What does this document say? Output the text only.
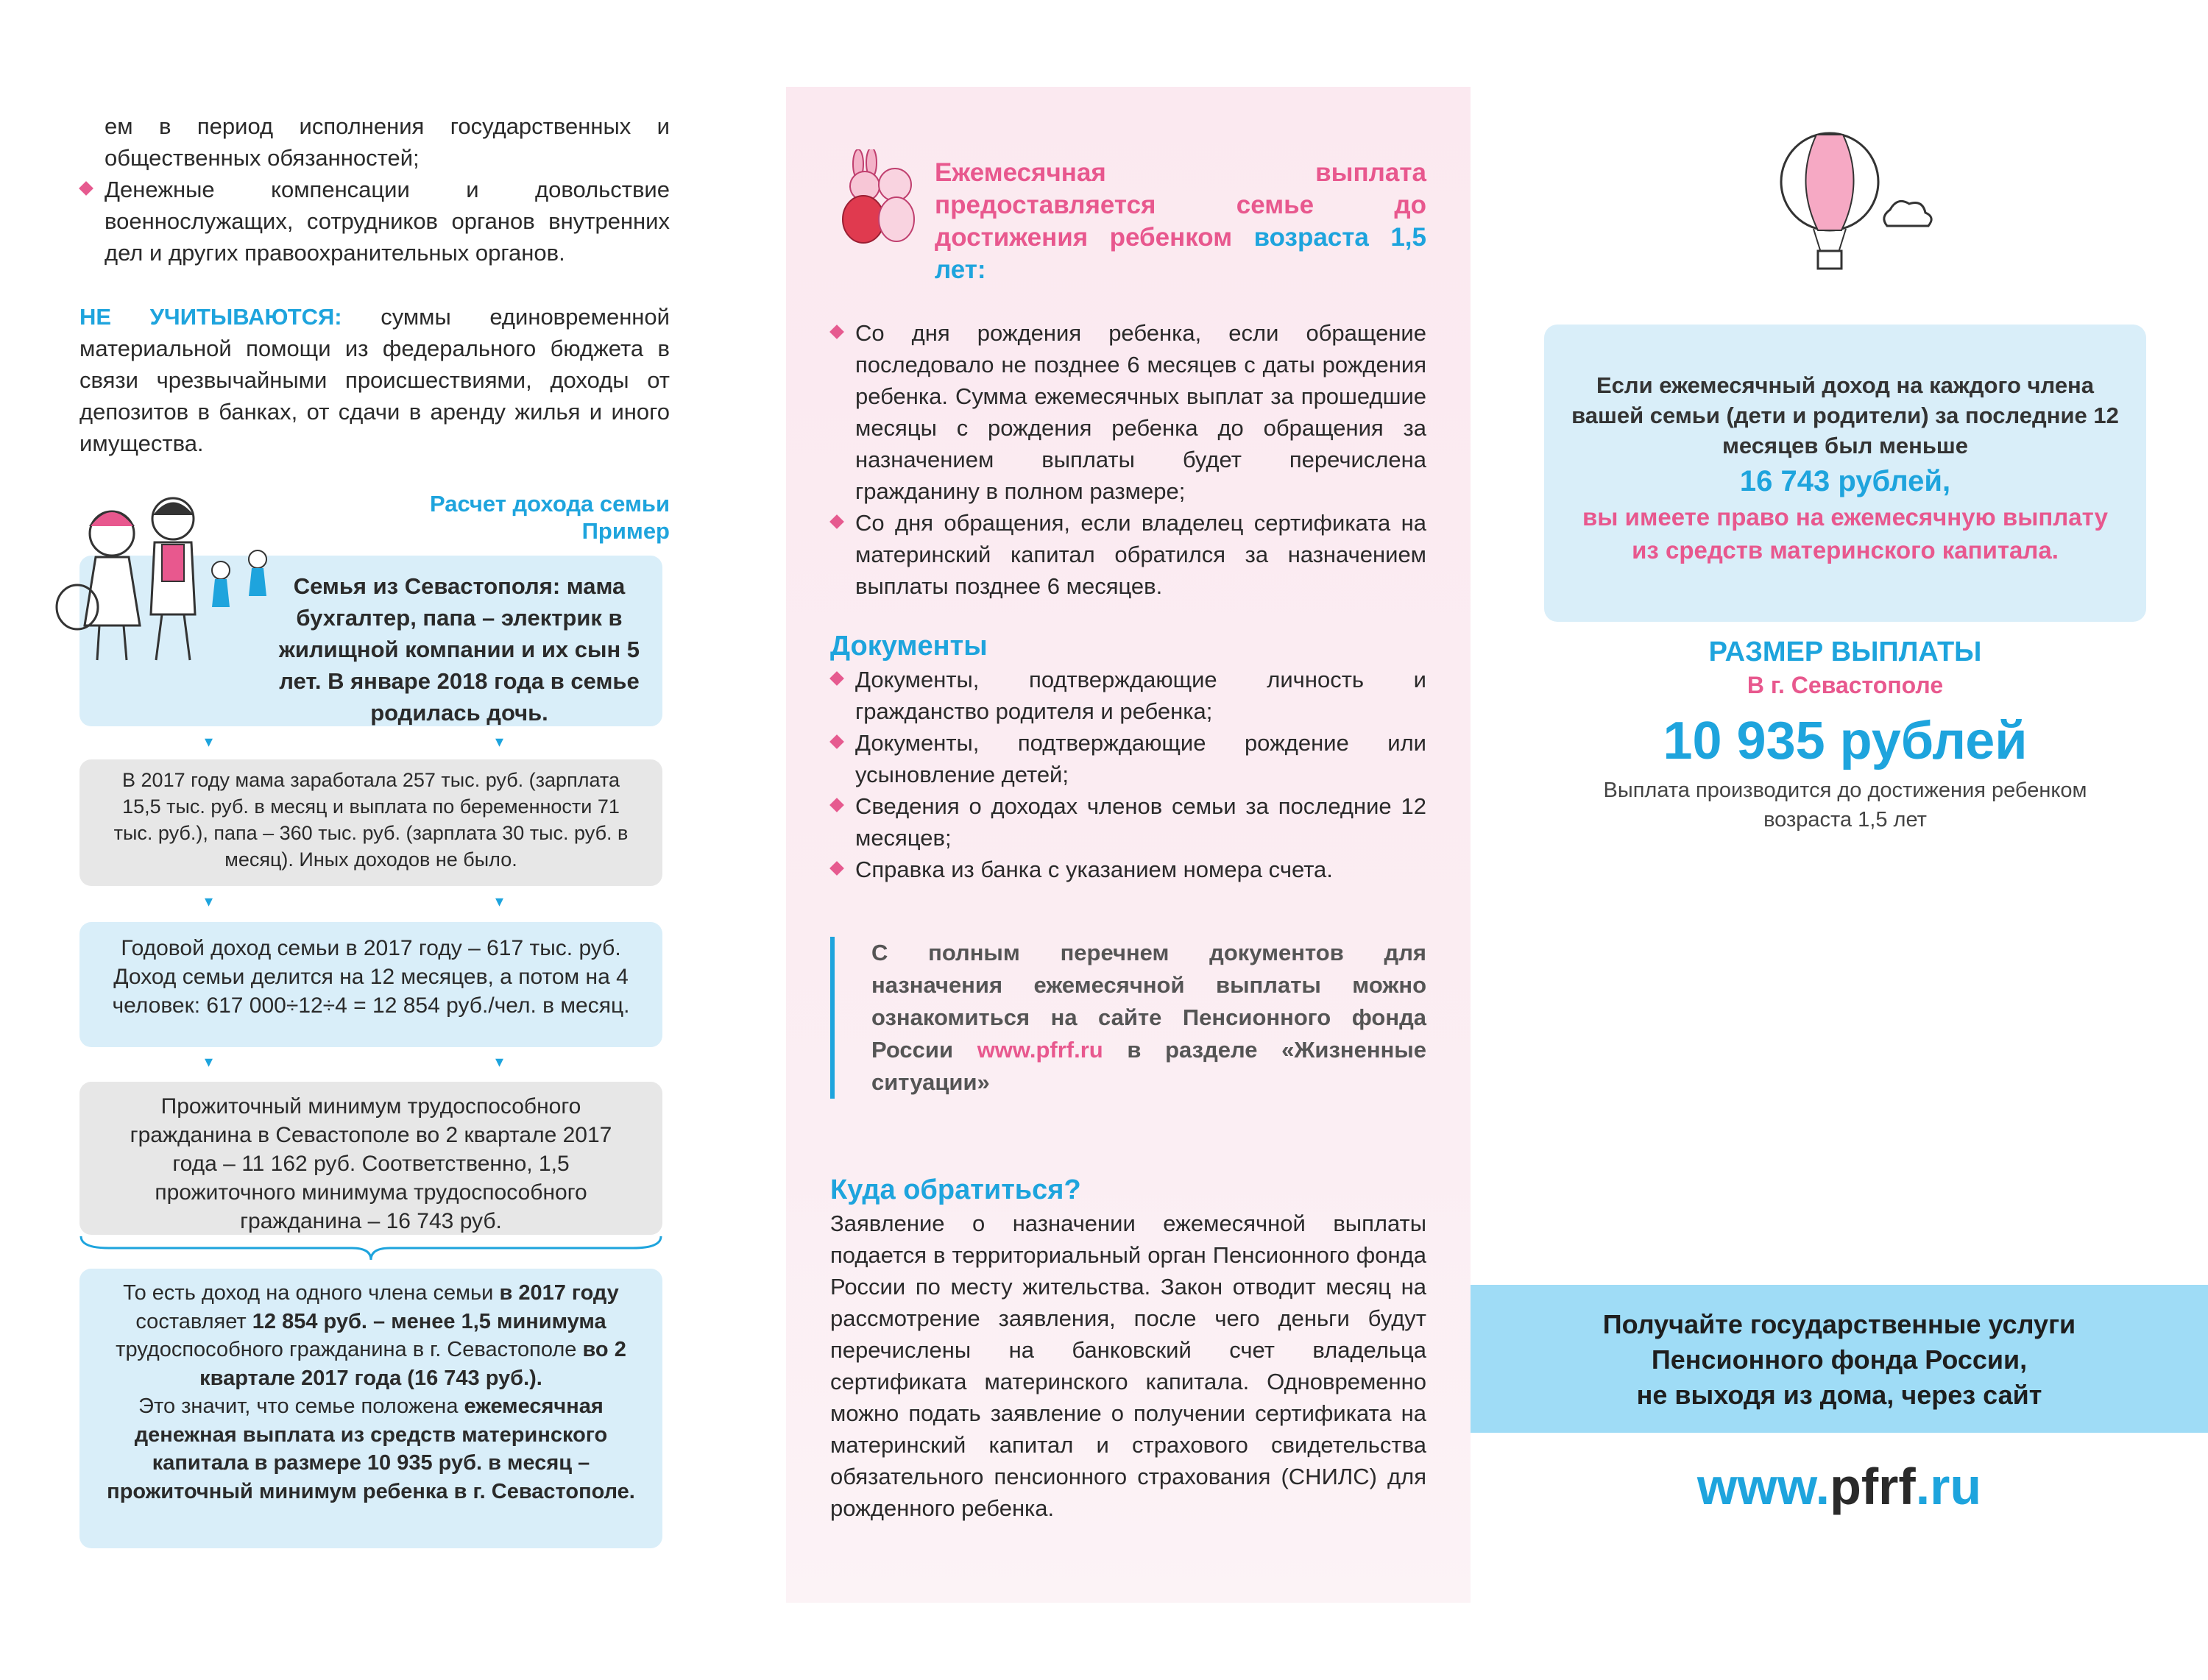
ем в период исполнения государственных и общественных обязанностей;

Денежные компенсации и довольствие военнослужащих, сотрудников органов внутренних дел и других правоохранительных органов.

НЕ УЧИТЫВАЮТСЯ: суммы единовременной материальной помощи из федерального бюджета в связи чрезвычайными происшествиями, доходы от депозитов в банках, от сдачи в аренду жилья и иного имущества.

Расчет дохода семьи
Пример
Семья из Севастополя: мама бухгалтер, папа – электрик в жилищной компании и их сын 5 лет. В январе 2018 года в семье родилась дочь.
▾	▾
В 2017 году мама заработала 257 тыс. руб. (зарплата 15,5 тыс. руб. в месяц и выплата по беременности 71 тыс. руб.), папа – 360 тыс. руб. (зарплата 30 тыс. руб. в месяц). Иных доходов не было.
▾	▾
Годовой доход семьи в 2017 году – 617 тыс. руб. Доход семьи делится на 12 месяцев, а потом на 4 человек: 617 000÷12÷4 = 12 854 руб./чел. в месяц.
▾	▾
Прожиточный минимум трудоспособного гражданина в Севастополе во 2 квартале 2017 года – 11 162 руб. Соответственно, 1,5 прожиточного минимума трудоспособного гражданина – 16 743 руб.
То есть доход на одного члена семьи в 2017 году составляет 12 854 руб. – менее 1,5 минимума трудоспособного гражданина в г. Севастополе во 2 квартале 2017 года (16 743 руб.).
Это значит, что семье положена ежемесячная денежная выплата из средств материнского капитала в размере 10 935 руб. в месяц – прожиточный минимум ребенка в г. Севастополе.

Ежемесячная выплата предоставляется семье до достижения ребенком возраста 1,5 лет:

Со дня рождения ребенка, если обращение последовало не позднее 6 месяцев с даты рождения ребенка. Сумма ежемесячных выплат за прошедшие месяцы с рождения ребенка до обращения за назначением выплаты будет перечислена гражданину в полном размере;
Со дня обращения, если владелец сертификата на материнский капитал обратился за назначением выплаты позднее 6 месяцев.
Документы
Документы, подтверждающие личность и гражданство родителя и ребенка;
Документы, подтверждающие рождение или усыновление детей;
Сведения о доходах членов семьи за последние 12 месяцев;
Справка из банка с указанием номера счета.

С полным перечнем документов для назначения ежемесячной выплаты можно ознакомиться на сайте Пенсионного фонда России www.pfrf.ru в разделе «Жизненные ситуации»

Куда обратиться?

Заявление о назначении ежемесячной выплаты подается в территориальный орган Пенсионного фонда России по месту жительства. Закон отводит месяц на рассмотрение заявления, после чего деньги будут перечислены на банковский счет владельца сертификата материнского капитала. Одновременно можно подать заявление о получении сертификата на материнский капитал и страхового свидетельства обязательного пенсионного страхования (СНИЛС) для рожденного ребенка.

Если ежемесячный доход на каждого члена вашей семьи (дети и родители) за последние 12 месяцев был меньше
16 743 рублей,
вы имеете право на ежемесячную выплату из средств материнского капитала.
РАЗМЕР ВЫПЛАТЫ
В г. Севастополе
10 935 рублей
Выплата производится до достижения ребенком возраста 1,5 лет
Получайте государственные услуги
Пенсионного фонда России,
не выходя из дома, через сайт
www.pfrf.ru
